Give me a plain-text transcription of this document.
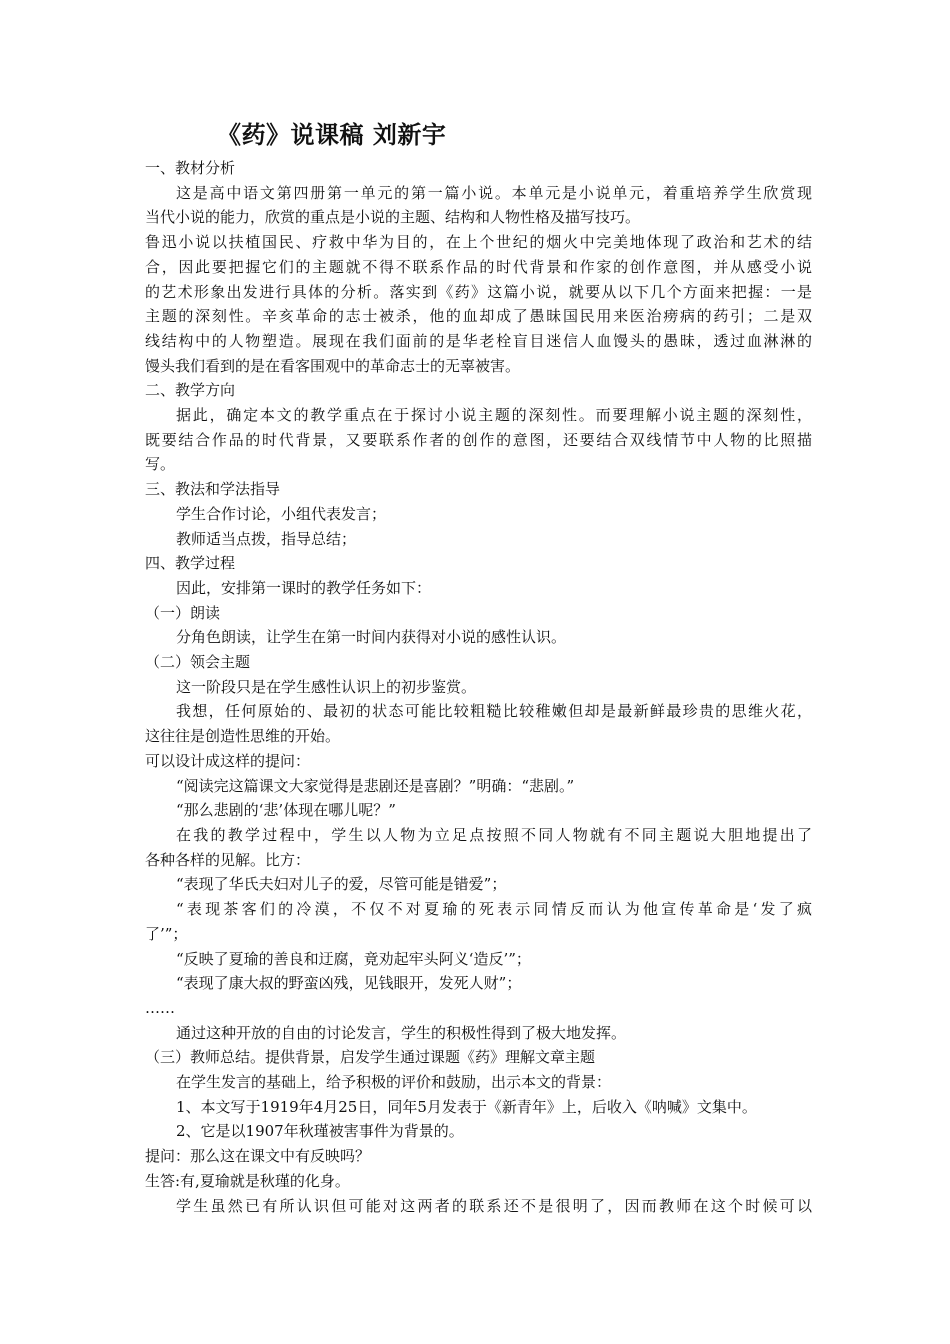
《药》说课稿 刘新宇

一、教材分析

这是高中语文第四册第一单元的第一篇小说。本单元是小说单元，着重培养学生欣赏现

当代小说的能力，欣赏的重点是小说的主题、结构和人物性格及描写技巧。

鲁迅小说以扶植国民、疗救中华为目的，在上个世纪的烟火中完美地体现了政治和艺术的结

合，因此要把握它们的主题就不得不联系作品的时代背景和作家的创作意图，并从感受小说

的艺术形象出发进行具体的分析。落实到《药》这篇小说，就要从以下几个方面来把握：一是

主题的深刻性。辛亥革命的志士被杀，他的血却成了愚昧国民用来医治痨病的药引；二是双

线结构中的人物塑造。展现在我们面前的是华老栓盲目迷信人血馒头的愚昧，透过血淋淋的

馒头我们看到的是在看客围观中的革命志士的无辜被害。

二、教学方向

据此，确定本文的教学重点在于探讨小说主题的深刻性。而要理解小说主题的深刻性，

既要结合作品的时代背景，又要联系作者的创作的意图，还要结合双线情节中人物的比照描

写。

三、教法和学法指导

学生合作讨论，小组代表发言；

教师适当点拨，指导总结；

四、教学过程

因此，安排第一课时的教学任务如下：

（一）朗读

分角色朗读，让学生在第一时间内获得对小说的感性认识。

（二）领会主题

这一阶段只是在学生感性认识上的初步鉴赏。

我想，任何原始的、最初的状态可能比较粗糙比较稚嫩但却是最新鲜最珍贵的思维火花，

这往往是创造性思维的开始。

可以设计成这样的提问：

“阅读完这篇课文大家觉得是悲剧还是喜剧？”明确：“悲剧。”

“那么悲剧的‘悲’体现在哪儿呢？”

在我的教学过程中，学生以人物为立足点按照不同人物就有不同主题说大胆地提出了

各种各样的见解。比方：

“表现了华氏夫妇对儿子的爱，尽管可能是错爱”；

“表现茶客们的冷漠，不仅不对夏瑜的死表示同情反而认为他宣传革命是‘发了疯

了’”；

“反映了夏瑜的善良和迂腐，竟劝起牢头阿义‘造反’”；

“表现了康大叔的野蛮凶残，见钱眼开，发死人财”；

……

通过这种开放的自由的讨论发言，学生的积极性得到了极大地发挥。

（三）教师总结。提供背景，启发学生通过课题《药》理解文章主题

在学生发言的基础上，给予积极的评价和鼓励，出示本文的背景：

1、本文写于1919年4月25日，同年5月发表于《新青年》上，后收入《呐喊》文集中。

2、它是以1907年秋瑾被害事件为背景的。

提问：那么这在课文中有反映吗？

生答:有,夏瑜就是秋瑾的化身。

学生虽然已有所认识但可能对这两者的联系还不是很明了，因而教师在这个时候可以
